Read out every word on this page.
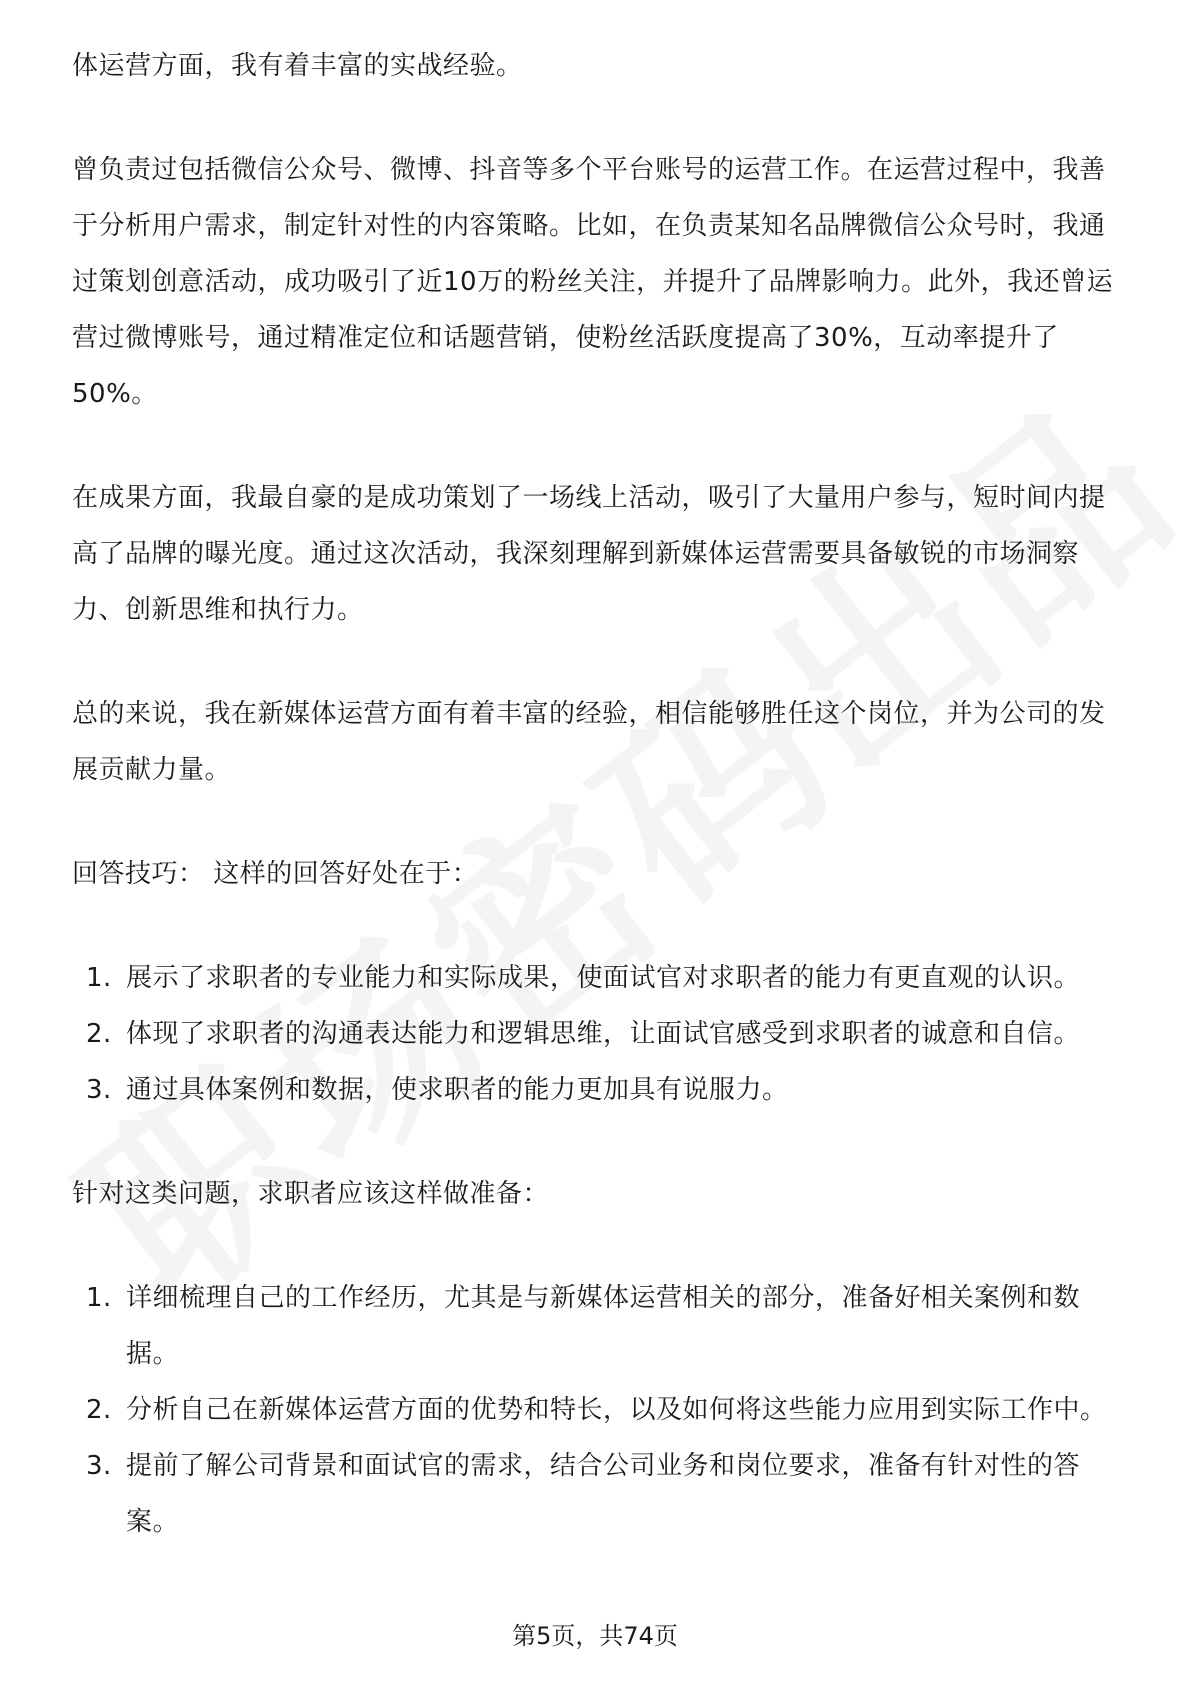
体运营方面，我有着丰富的实战经验。

曾负责过包括微信公众号、微博、抖音等多个平台账号的运营工作。在运营过程中，我善于分析用户需求，制定针对性的内容策略。比如，在负责某知名品牌微信公众号时，我通过策划创意活动，成功吸引了近10万的粉丝关注，并提升了品牌影响力。此外，我还曾运营过微博账号，通过精准定位和话题营销，使粉丝活跃度提高了30%，互动率提升了50%。

在成果方面，我最自豪的是成功策划了一场线上活动，吸引了大量用户参与，短时间内提高了品牌的曝光度。通过这次活动，我深刻理解到新媒体运营需要具备敏锐的市场洞察力、创新思维和执行力。

总的来说，我在新媒体运营方面有着丰富的经验，相信能够胜任这个岗位，并为公司的发展贡献力量。

回答技巧： 这样的回答好处在于：

1. 展示了求职者的专业能力和实际成果，使面试官对求职者的能力有更直观的认识。
2. 体现了求职者的沟通表达能力和逻辑思维，让面试官感受到求职者的诚意和自信。
3. 通过具体案例和数据，使求职者的能力更加具有说服力。

针对这类问题，求职者应该这样做准备：

1. 详细梳理自己的工作经历，尤其是与新媒体运营相关的部分，准备好相关案例和数据。
2. 分析自己在新媒体运营方面的优势和特长，以及如何将这些能力应用到实际工作中。
3. 提前了解公司背景和面试官的需求，结合公司业务和岗位要求，准备有针对性的答案。
第5页，共74页
